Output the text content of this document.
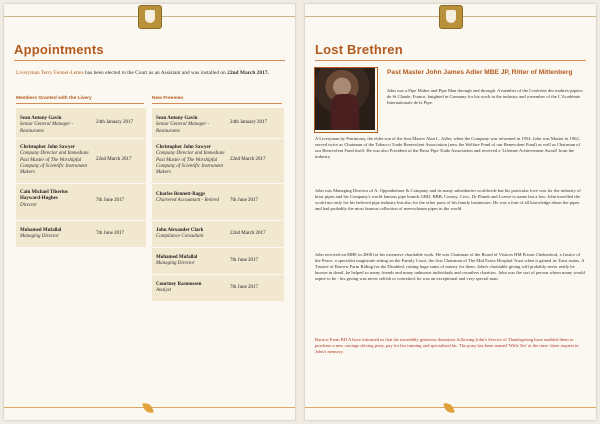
Appointments
Liveryman Terry Fenner-Lettes has been elected to the Court as an Assistant and was installed on 22nd March 2017.
Members Granted with the Livery	New Freemen
Sean Antony Gavin
Senior General Manager - Restaurants
24th January 2017
Christopher John Sawyer
Company Director and Immediate Past Master of The Worshipful Company of Scientific Instrument Makers
22nd March 2017
Cain Michael Tiberius Hayward-Hughes
Director
7th June 2017
Mohamed Mufallal
Managing Director
7th June 2017
Sean Antony Gavin
Senior General Manager - Restaurants
24th January 2017
Christopher John Sawyer
Company Director and Immediate Past Master of The Worshipful Company of Scientific Instrument Makers
22nd March 2017
Charles Bennett-Baggs
Chartered Accountant - Retired	7th June 2017
John Alexander Clark
Compliance Consultant
22nd March 2017
Mohamed Mufallal
Managing Director
7th June 2017
Courtney Rasmussen
Analyst
7th June 2017
Lost Brethren
Past Master John James Adler MBE JP, Ritter of Mittenberg
John was a Pipe Maker and Pipe Man through and through. A member of the Confrérie des maîtres-pipiers de St Claude, France, knighted in Germany for his work in the industry and a member of the L'Académie Internationale de la Pipe.
A Liveryman by Patrimony, the elder son of the first Master Alan L. Adler, when the Company was reformed in 1954. John was Master in 1962, served twice as Chairman of the Tobacco Trade Benevolent Association (now the Welfare Fund of our Benevolent Fund) as well as Chairman of our Benevolent Fund itself. He was also President of the Briar Pipe Trade Association and received a 'Lifetime Achievement Award' from the industry.
John was Managing Director of A. Oppenheimer & Company and its many subsidiaries worldwide but his particular love was for the industry of briar pipes and his Company's world famous pipe brands GBD, BBB, Comoy, Civic, Dr Plumb and Loewe to name but a few. John travelled the world not only for his beloved pipe industry but also for the other parts of his family businesses. He was a font of all knowledge about the pipes and had probably the most famous collection of meerschaum pipes in the world.
John received an MBE in 2008 for his extensive charitable work. He was Chairman of the Board of Visitors HM Prison Chelmsford, a Justice of the Peace, a specialist magistrate sitting on the Family Court, the first Chairman of The Mid Essex Hospital Trust when it gained its Trust status. A Trustee of Barrow Farm Riding for the Disabled, raising huge sums of money for them. John's charitable giving will probably never really be known in detail, he helped so many friends and many unknown individuals and countless charities. John was the sort of person whom many would aspire to be - his giving was never selfish or conceited, he was an exceptional and very special man.
Barrow Farm RD A have informed us that the incredibly generous donations following John's Service of Thanksgiving have enabled them to purchase a new carriage driving pony, pay for her training and specialised kit. The pony has been named 'Wills Tee' at the time- there request in John's memory.
